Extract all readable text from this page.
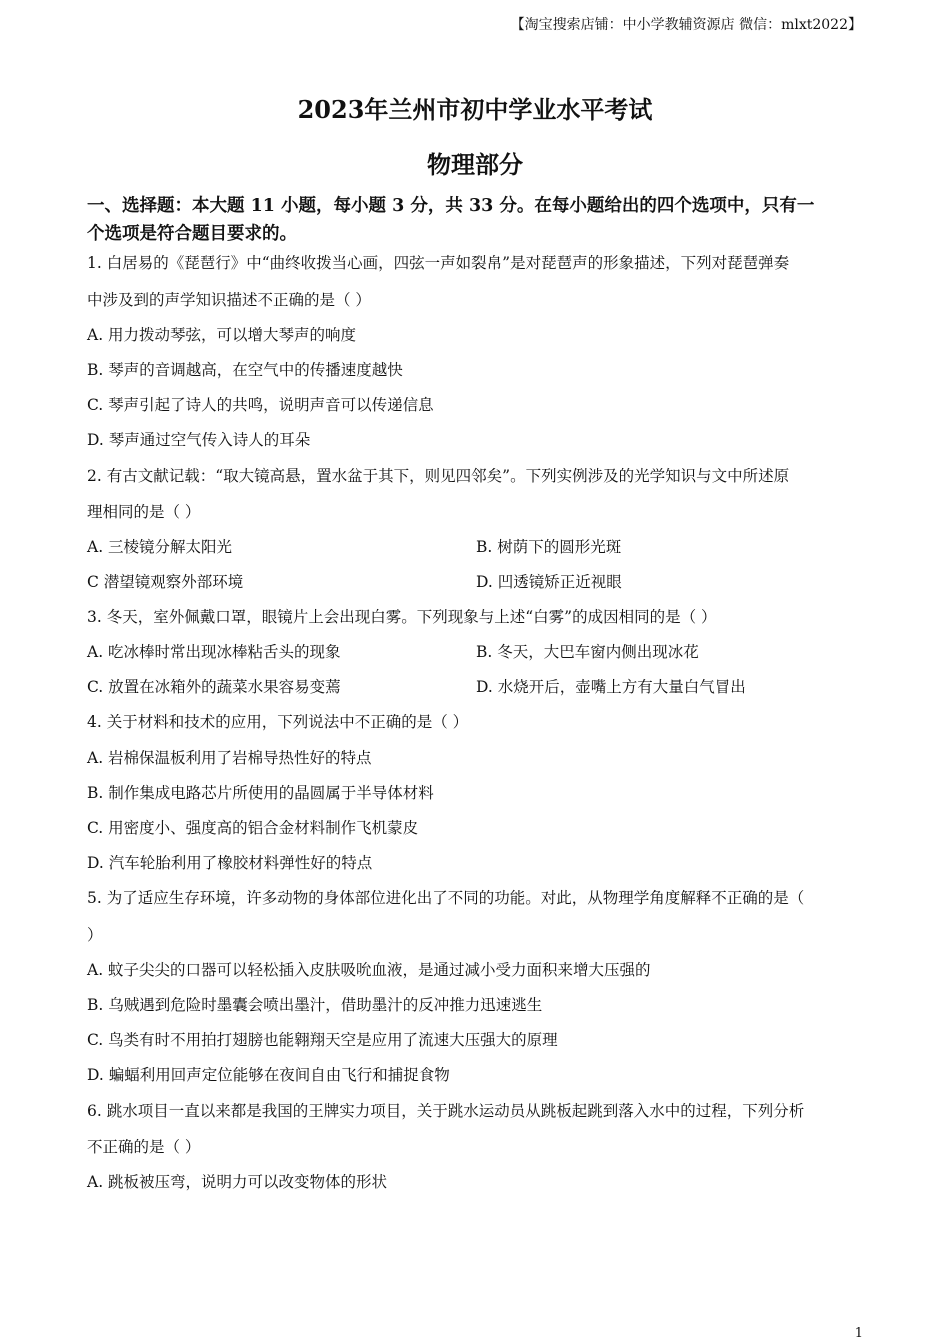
【淘宝搜索店铺：中小学教辅资源店 微信：mlxt2022】
2023年兰州市初中学业水平考试
物理部分
一、选择题：本大题 11 小题，每小题 3 分，共 33 分。在每小题给出的四个选项中，只有一
个选项是符合题目要求的。
1. 白居易的《琵琶行》中“曲终收拨当心画，四弦一声如裂帛”是对琵琶声的形象描述，下列对琵琶弹奏
中涉及到的声学知识描述不正确的是（ ）
A. 用力拨动琴弦，可以增大琴声的响度
B. 琴声的音调越高，在空气中的传播速度越快
C. 琴声引起了诗人的共鸣，说明声音可以传递信息
D. 琴声通过空气传入诗人的耳朵
2. 有古文献记载：“取大镜高悬，置水盆于其下，则见四邻矣”。下列实例涉及的光学知识与文中所述原
理相同的是（ ）
A. 三棱镜分解太阳光	B. 树荫下的圆形光斑
C 潜望镜观察外部环境	D. 凹透镜矫正近视眼
3. 冬天，室外佩戴口罩，眼镜片上会出现白雾。下列现象与上述“白雾”的成因相同的是（ ）
A. 吃冰棒时常出现冰棒粘舌头的现象	B. 冬天，大巴车窗内侧出现冰花
C. 放置在冰箱外的蔬菜水果容易变蔫	D. 水烧开后，壶嘴上方有大量白气冒出
4. 关于材料和技术的应用，下列说法中不正确的是（ ）
A. 岩棉保温板利用了岩棉导热性好的特点
B. 制作集成电路芯片所使用的晶圆属于半导体材料
C. 用密度小、强度高的铝合金材料制作飞机蒙皮
D. 汽车轮胎利用了橡胶材料弹性好的特点
5. 为了适应生存环境，许多动物的身体部位进化出了不同的功能。对此，从物理学角度解释不正确的是（
）
A. 蚊子尖尖的口器可以轻松插入皮肤吸吮血液，是通过减小受力面积来增大压强的
B. 乌贼遇到危险时墨囊会喷出墨汁，借助墨汁的反冲推力迅速逃生
C. 鸟类有时不用拍打翅膀也能翱翔天空是应用了流速大压强大的原理
D. 蝙蝠利用回声定位能够在夜间自由飞行和捕捉食物
6. 跳水项目一直以来都是我国的王牌实力项目，关于跳水运动员从跳板起跳到落入水中的过程，下列分析
不正确的是（ ）
A. 跳板被压弯，说明力可以改变物体的形状
1
